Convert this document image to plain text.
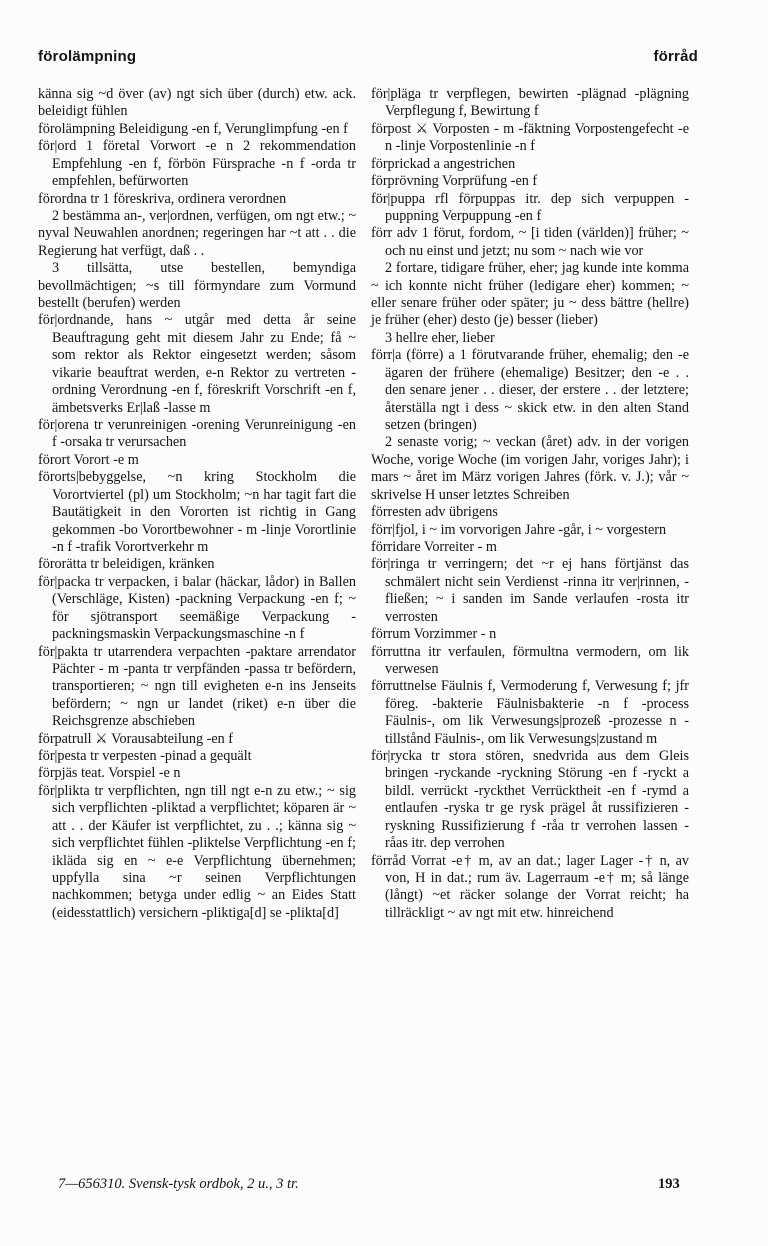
förolämpning	förråd

känna sig ~d över (av) ngt sich über (durch) etw. ack. beleidigt fühlen

förolämpning Beleidigung -en f, Verunglimpfung -en f

för|ord 1 företal Vorwort -e n 2 rekommendation Empfehlung -en f, förbön Fürsprache -n f -orda tr empfehlen, befürworten

förordna tr 1 föreskriva, ordinera verordnen

2 bestämma an-, ver|ordnen, verfügen, om ngt etw.; ~ nyval Neuwahlen anordnen; regeringen har ~t att . . die Regierung hat verfügt, daß . .

3 tillsätta, utse bestellen, bemyndiga bevollmächtigen; ~s till förmyndare zum Vormund bestellt (berufen) werden

för|ordnande, hans ~ utgår med detta år seine Beauftragung geht mit diesem Jahr zu Ende; få ~ som rektor als Rektor eingesetzt werden; såsom vikarie beauftrat werden, e-n Rektor zu vertreten -ordning Verordnung -en f, föreskrift Vorschrift -en f, ämbetsverks Er|laß -lasse m

för|orena tr verunreinigen -orening Verunreinigung -en f -orsaka tr verursachen

förort Vorort -e m

förorts|bebyggelse, ~n kring Stockholm die Vorortviertel (pl) um Stockholm; ~n har tagit fart die Bautätigkeit in den Vororten ist richtig in Gang gekommen -bo Vorortbewohner - m -linje Vorortlinie -n f -trafik Vorortverkehr m

förorätta tr beleidigen, kränken

för|packa tr verpacken, i balar (häckar, lådor) in Ballen (Verschläge, Kisten) -packning Verpackung -en f; ~ för sjötransport seemäßige Verpackung -packningsmaskin Verpackungsmaschine -n f

för|pakta tr utarrendera verpachten -paktare arrendator Pächter - m -panta tr verpfänden -passa tr befördern, transportieren; ~ ngn till evigheten e-n ins Jenseits befördern; ~ ngn ur landet (riket) e-n über die Reichsgrenze abschieben

förpatrull ⚔ Vorausabteilung -en f

för|pesta tr verpesten -pinad a gequält

förpjäs teat. Vorspiel -e n

för|plikta tr verpflichten, ngn till ngt e-n zu etw.; ~ sig sich verpflichten -pliktad a verpflichtet; köparen är ~ att . . der Käufer ist verpflichtet, zu . .; känna sig ~ sich verpflichtet fühlen -pliktelse Verpflichtung -en f; ikläda sig en ~ e-e Verpflichtung übernehmen; uppfylla sina ~r seinen Verpflichtungen nachkommen; betyga under edlig ~ an Eides Statt (eidesstattlich) versichern -pliktiga[d] se -plikta[d]

för|pläga tr verpflegen, bewirten -plägnad -plägning Verpflegung f, Bewirtung f

förpost ⚔ Vorposten - m -fäktning Vorpostengefecht -e n -linje Vorpostenlinie -n f

förprickad a angestrichen

förprövning Vorprüfung -en f

för|puppa rfl förpuppas itr. dep sich verpuppen -puppning Verpuppung -en f

förr adv 1 förut, fordom, ~ [i tiden (världen)] früher; ~ och nu einst und jetzt; nu som ~ nach wie vor

2 fortare, tidigare früher, eher; jag kunde inte komma ~ ich konnte nicht früher (ledigare eher) kommen; ~ eller senare früher oder später; ju ~ dess bättre (hellre) je früher (eher) desto (je) besser (lieber)

3 hellre eher, lieber

förr|a (förre) a 1 förutvarande früher, ehemalig; den -e ägaren der frühere (ehemalige) Besitzer; den -e . . den senare jener . . dieser, der erstere . . der letztere; återställa ngt i dess ~ skick etw. in den alten Stand setzen (bringen)

2 senaste vorig; ~ veckan (året) adv. in der vorigen Woche, vorige Woche (im vorigen Jahr, voriges Jahr); i mars ~ året im März vorigen Jahres (förk. v. J.); vår ~ skrivelse H unser letztes Schreiben

förresten adv übrigens

förr|fjol, i ~ im vorvorigen Jahre -går, i ~ vorgestern

förridare Vorreiter - m

för|ringa tr verringern; det ~r ej hans förtjänst das schmälert nicht sein Verdienst -rinna itr ver|rinnen, -fließen; ~ i sanden im Sande verlaufen -rosta itr verrosten

förrum Vorzimmer - n

förruttna itr verfaulen, förmultna vermodern, om lik verwesen

förruttnelse Fäulnis f, Vermoderung f, Verwesung f; jfr föreg. -bakterie Fäulnisbakterie -n f -process Fäulnis-, om lik Verwesungs|prozeß -prozesse n -tillstånd Fäulnis-, om lik Verwesungs|zustand m

för|rycka tr stora stören, snedvrida aus dem Gleis bringen -ryckande -ryckning Störung -en f -ryckt a bildl. verrückt -ryckthet Verrücktheit -en f -rymd a entlaufen -ryska tr ge rysk prägel åt russifizieren -ryskning Russifizierung f -råa tr verrohen lassen -råas itr. dep verrohen

förråd Vorrat -e† m, av an dat.; lager Lager -† n, av von, H in dat.; rum äv. Lagerraum -e† m; så länge (långt) ~et räcker solange der Vorrat reicht; ha tillräckligt ~ av ngt mit etw. hinreichend

7—656310. Svensk-tysk ordbok, 2 u., 3 tr.	193
